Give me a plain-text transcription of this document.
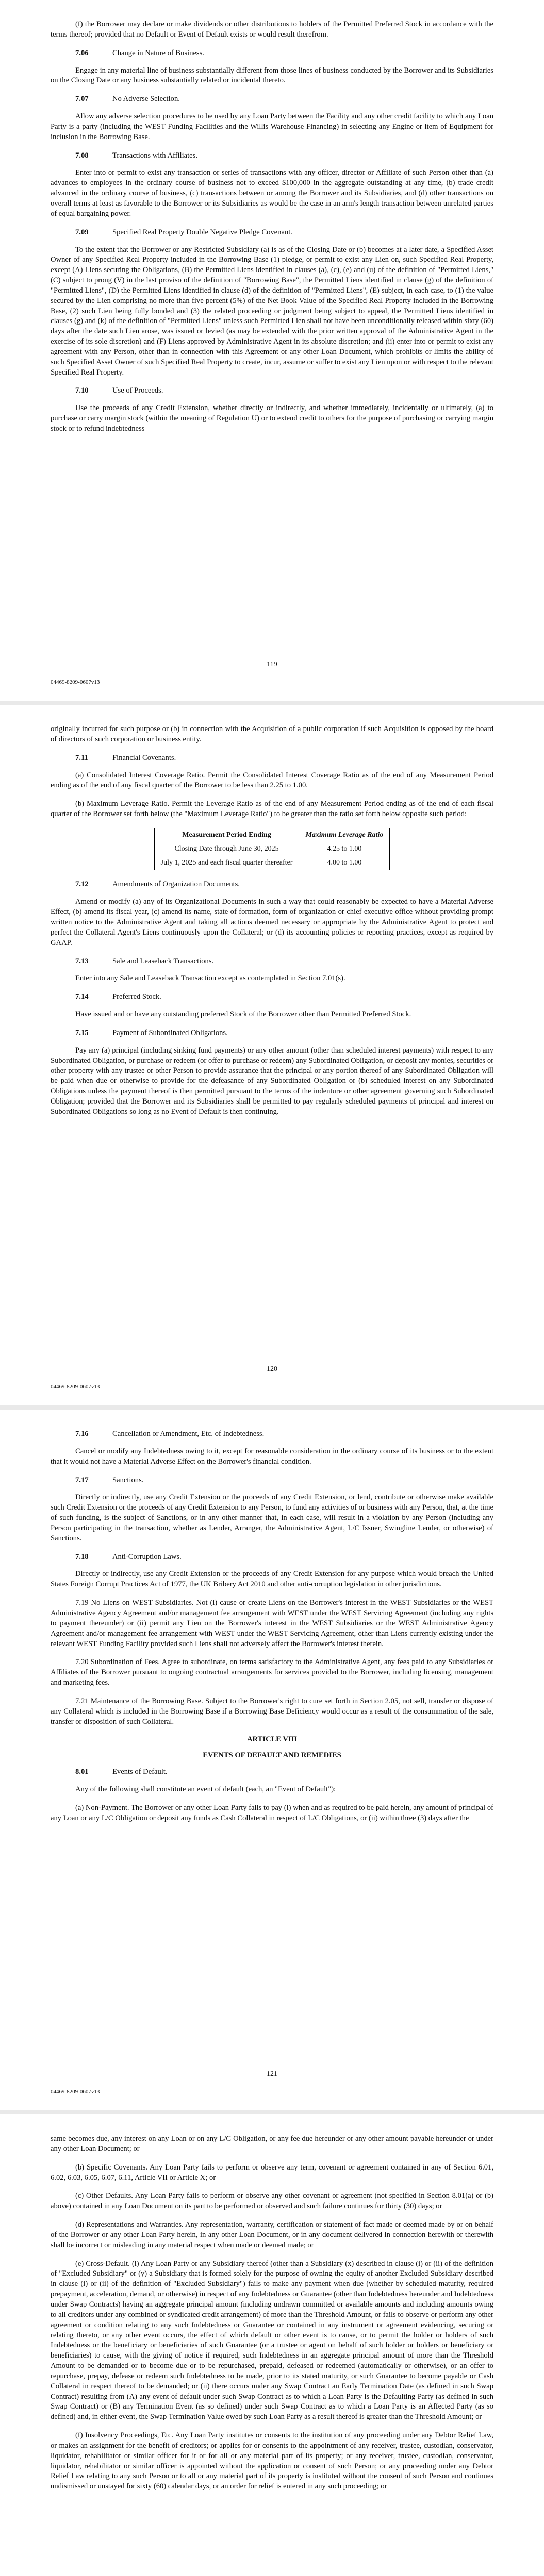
(f) the Borrower may declare or make dividends or other distributions to holders of the Permitted Preferred Stock in accordance with the terms thereof; provided that no Default or Event of Default exists or would result therefrom.

7.06	Change in Nature of Business.

Engage in any material line of business substantially different from those lines of business conducted by the Borrower and its Subsidiaries on the Closing Date or any business substantially related or incidental thereto.

7.07	No Adverse Selection.

Allow any adverse selection procedures to be used by any Loan Party between the Facility and any other credit facility to which any Loan Party is a party (including the WEST Funding Facilities and the Willis Warehouse Financing) in selecting any Engine or item of Equipment for inclusion in the Borrowing Base.

7.08	Transactions with Affiliates.

Enter into or permit to exist any transaction or series of transactions with any officer, director or Affiliate of such Person other than (a) advances to employees in the ordinary course of business not to exceed $100,000 in the aggregate outstanding at any time, (b) trade credit advanced in the ordinary course of business, (c) transactions between or among the Borrower and its Subsidiaries, and (d) other transactions on overall terms at least as favorable to the Borrower or its Subsidiaries as would be the case in an arm's length transaction between unrelated parties of equal bargaining power.

7.09	Specified Real Property Double Negative Pledge Covenant.

To the extent that the Borrower or any Restricted Subsidiary (a) is as of the Closing Date or (b) becomes at a later date, a Specified Asset Owner of any Specified Real Property included in the Borrowing Base (1) pledge, or permit to exist any Lien on, such Specified Real Property, except (A) Liens securing the Obligations, (B) the Permitted Liens identified in clauses (a), (c), (e) and (u) of the definition of "Permitted Liens," (C) subject to prong (V) in the last proviso of the definition of "Borrowing Base", the Permitted Liens identified in clause (g) of the definition of "Permitted Liens", (D) the Permitted Liens identified in clause (d) of the definition of "Permitted Liens", (E) subject, in each case, to (1) the value secured by the Lien comprising no more than five percent (5%) of the Net Book Value of the Specified Real Property included in the Borrowing Base, (2) such Lien being fully bonded and (3) the related proceeding or judgment being subject to appeal, the Permitted Liens identified in clauses (g) and (k) of the definition of "Permitted Liens" unless such Permitted Lien shall not have been unconditionally released within sixty (60) days after the date such Lien arose, was issued or levied (as may be extended with the prior written approval of the Administrative Agent in the exercise of its sole discretion) and (F) Liens approved by Administrative Agent in its absolute discretion; and (ii) enter into or permit to exist any agreement with any Person, other than in connection with this Agreement or any other Loan Document, which prohibits or limits the ability of such Specified Asset Owner of such Specified Real Property to create, incur, assume or suffer to exist any Lien upon or with respect to the relevant Specified Real Property.

7.10	Use of Proceeds.

Use the proceeds of any Credit Extension, whether directly or indirectly, and whether immediately, incidentally or ultimately, (a) to purchase or carry margin stock (within the meaning of Regulation U) or to extend credit to others for the purpose of purchasing or carrying margin stock or to refund indebtedness

119
04469-8209-0607v13

originally incurred for such purpose or (b) in connection with the Acquisition of a public corporation if such Acquisition is opposed by the board of directors of such corporation or business entity.

7.11	Financial Covenants.

(a) Consolidated Interest Coverage Ratio. Permit the Consolidated Interest Coverage Ratio as of the end of any Measurement Period ending as of the end of any fiscal quarter of the Borrower to be less than 2.25 to 1.00.

(b) Maximum Leverage Ratio. Permit the Leverage Ratio as of the end of any Measurement Period ending as of the end of each fiscal quarter of the Borrower set forth below (the "Maximum Leverage Ratio") to be greater than the ratio set forth below opposite such period:

Measurement Period Ending	Maximum Leverage Ratio
Closing Date through June 30, 2025	4.25 to 1.00
July 1, 2025 and each fiscal quarter thereafter	4.00 to 1.00
7.12	Amendments of Organization Documents.

Amend or modify (a) any of its Organizational Documents in such a way that could reasonably be expected to have a Material Adverse Effect, (b) amend its fiscal year, (c) amend its name, state of formation, form of organization or chief executive office without providing prompt written notice to the Administrative Agent and taking all actions deemed necessary or appropriate by the Administrative Agent to protect and perfect the Collateral Agent's Liens continuously upon the Collateral; or (d) its accounting policies or reporting practices, except as required by GAAP.

7.13	Sale and Leaseback Transactions.

Enter into any Sale and Leaseback Transaction except as contemplated in Section 7.01(s).

7.14	Preferred Stock.

Have issued and or have any outstanding preferred Stock of the Borrower other than Permitted Preferred Stock.

7.15	Payment of Subordinated Obligations.

Pay any (a) principal (including sinking fund payments) or any other amount (other than scheduled interest payments) with respect to any Subordinated Obligation, or purchase or redeem (or offer to purchase or redeem) any Subordinated Obligation, or deposit any monies, securities or other property with any trustee or other Person to provide assurance that the principal or any portion thereof of any Subordinated Obligation will be paid when due or otherwise to provide for the defeasance of any Subordinated Obligation or (b) scheduled interest on any Subordinated Obligations unless the payment thereof is then permitted pursuant to the terms of the indenture or other agreement governing such Subordinated Obligation; provided that the Borrower and its Subsidiaries shall be permitted to pay regularly scheduled payments of principal and interest on Subordinated Obligations so long as no Event of Default is then continuing.

120
04469-8209-0607v13
7.16	Cancellation or Amendment, Etc. of Indebtedness.

Cancel or modify any Indebtedness owing to it, except for reasonable consideration in the ordinary course of its business or to the extent that it would not have a Material Adverse Effect on the Borrower's financial condition.

7.17	Sanctions.

Directly or indirectly, use any Credit Extension or the proceeds of any Credit Extension, or lend, contribute or otherwise make available such Credit Extension or the proceeds of any Credit Extension to any Person, to fund any activities of or business with any Person, that, at the time of such funding, is the subject of Sanctions, or in any other manner that, in each case, will result in a violation by any Person (including any Person participating in the transaction, whether as Lender, Arranger, the Administrative Agent, L/C Issuer, Swingline Lender, or otherwise) of Sanctions.

7.18	Anti-Corruption Laws.

Directly or indirectly, use any Credit Extension or the proceeds of any Credit Extension for any purpose which would breach the United States Foreign Corrupt Practices Act of 1977, the UK Bribery Act 2010 and other anti-corruption legislation in other jurisdictions.

7.19 No Liens on WEST Subsidiaries. Not (i) cause or create Liens on the Borrower's interest in the WEST Subsidiaries or the WEST Administrative Agency Agreement and/or management fee arrangement with WEST under the WEST Servicing Agreement (including any rights to payment thereunder) or (ii) permit any Lien on the Borrower's interest in the WEST Subsidiaries or the WEST Administrative Agency Agreement and/or management fee arrangement with WEST under the WEST Servicing Agreement, other than Liens currently existing under the relevant WEST Funding Facility provided such Liens shall not adversely affect the Borrower's interest therein.

7.20 Subordination of Fees. Agree to subordinate, on terms satisfactory to the Administrative Agent, any fees paid to any Subsidiaries or Affiliates of the Borrower pursuant to ongoing contractual arrangements for services provided to the Borrower, including licensing, management and marketing fees.

7.21 Maintenance of the Borrowing Base. Subject to the Borrower's right to cure set forth in Section 2.05, not sell, transfer or dispose of any Collateral which is included in the Borrowing Base if a Borrowing Base Deficiency would occur as a result of the consummation of the sale, transfer or disposition of such Collateral.

ARTICLE VIII
EVENTS OF DEFAULT AND REMEDIES
8.01	Events of Default.

Any of the following shall constitute an event of default (each, an "Event of Default"):

(a) Non-Payment. The Borrower or any other Loan Party fails to pay (i) when and as required to be paid herein, any amount of principal of any Loan or any L/C Obligation or deposit any funds as Cash Collateral in respect of L/C Obligations, or (ii) within three (3) days after the

121
04469-8209-0607v13

same becomes due, any interest on any Loan or on any L/C Obligation, or any fee due hereunder or any other amount payable hereunder or under any other Loan Document; or

(b) Specific Covenants. Any Loan Party fails to perform or observe any term, covenant or agreement contained in any of Section 6.01, 6.02, 6.03, 6.05, 6.07, 6.11, Article VII or Article X; or

(c) Other Defaults. Any Loan Party fails to perform or observe any other covenant or agreement (not specified in Section 8.01(a) or (b) above) contained in any Loan Document on its part to be performed or observed and such failure continues for thirty (30) days; or

(d) Representations and Warranties. Any representation, warranty, certification or statement of fact made or deemed made by or on behalf of the Borrower or any other Loan Party herein, in any other Loan Document, or in any document delivered in connection herewith or therewith shall be incorrect or misleading in any material respect when made or deemed made; or

(e) Cross-Default. (i) Any Loan Party or any Subsidiary thereof (other than a Subsidiary (x) described in clause (i) or (ii) of the definition of "Excluded Subsidiary" or (y) a Subsidiary that is formed solely for the purpose of owning the equity of another Excluded Subsidiary described in clause (i) or (ii) of the definition of "Excluded Subsidiary") fails to make any payment when due (whether by scheduled maturity, required prepayment, acceleration, demand, or otherwise) in respect of any Indebtedness or Guarantee (other than Indebtedness hereunder and Indebtedness under Swap Contracts) having an aggregate principal amount (including undrawn committed or available amounts and including amounts owing to all creditors under any combined or syndicated credit arrangement) of more than the Threshold Amount, or fails to observe or perform any other agreement or condition relating to any such Indebtedness or Guarantee or contained in any instrument or agreement evidencing, securing or relating thereto, or any other event occurs, the effect of which default or other event is to cause, or to permit the holder or holders of such Indebtedness or the beneficiary or beneficiaries of such Guarantee (or a trustee or agent on behalf of such holder or holders or beneficiary or beneficiaries) to cause, with the giving of notice if required, such Indebtedness in an aggregate principal amount of more than the Threshold Amount to be demanded or to become due or to be repurchased, prepaid, defeased or redeemed (automatically or otherwise), or an offer to repurchase, prepay, defease or redeem such Indebtedness to be made, prior to its stated maturity, or such Guarantee to become payable or Cash Collateral in respect thereof to be demanded; or (ii) there occurs under any Swap Contract an Early Termination Date (as defined in such Swap Contract) resulting from (A) any event of default under such Swap Contract as to which a Loan Party is the Defaulting Party (as defined in such Swap Contract) or (B) any Termination Event (as so defined) under such Swap Contract as to which a Loan Party is an Affected Party (as so defined) and, in either event, the Swap Termination Value owed by such Loan Party as a result thereof is greater than the Threshold Amount; or

(f) Insolvency Proceedings, Etc. Any Loan Party institutes or consents to the institution of any proceeding under any Debtor Relief Law, or makes an assignment for the benefit of creditors; or applies for or consents to the appointment of any receiver, trustee, custodian, conservator, liquidator, rehabilitator or similar officer for it or for all or any material part of its property; or any receiver, trustee, custodian, conservator, liquidator, rehabilitator or similar officer is appointed without the application or consent of such Person; or any proceeding under any Debtor Relief Law relating to any such Person or to all or any material part of its property is instituted without the consent of such Person and continues undismissed or unstayed for sixty (60) calendar days, or an order for relief is entered in any such proceeding; or
